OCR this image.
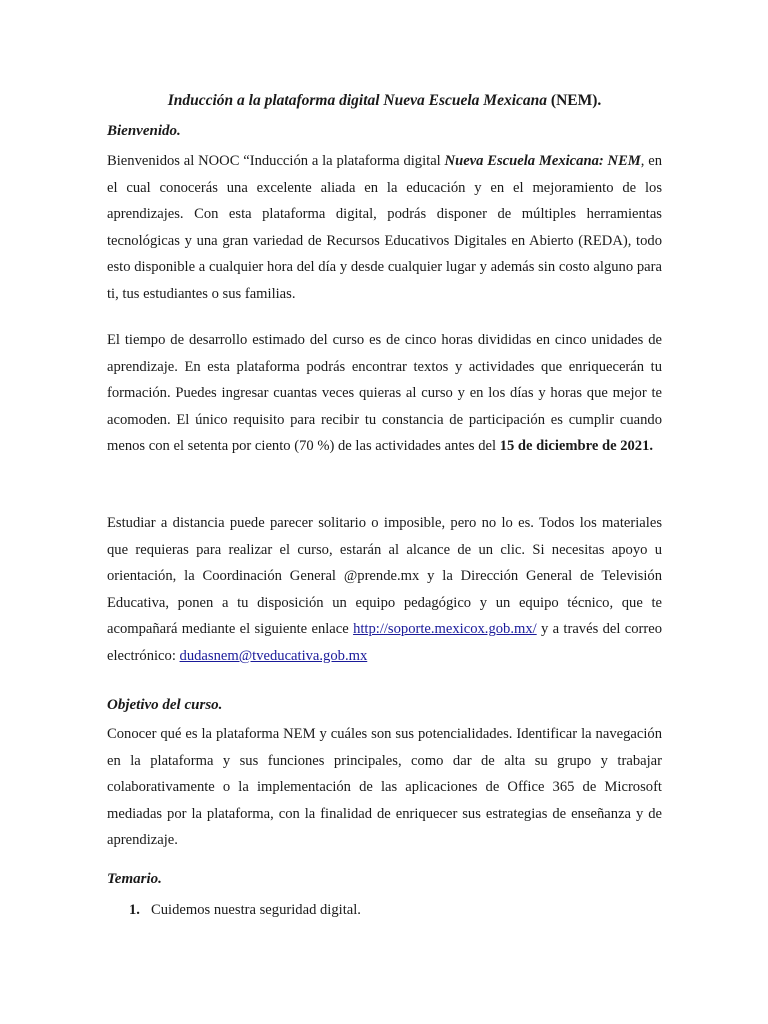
Inducción a la plataforma digital Nueva Escuela Mexicana (NEM).
Bienvenido.
Bienvenidos al NOOC “Inducción a la plataforma digital Nueva Escuela Mexicana: NEM, en el cual conocerás una excelente aliada en la educación y en el mejoramiento de los aprendizajes. Con esta plataforma digital, podrás disponer de múltiples herramientas tecnológicas y una gran variedad de Recursos Educativos Digitales en Abierto (REDA), todo esto disponible a cualquier hora del día y desde cualquier lugar y además sin costo alguno para ti, tus estudiantes o sus familias.
El tiempo de desarrollo estimado del curso es de cinco horas divididas en cinco unidades de aprendizaje. En esta plataforma podrás encontrar textos y actividades que enriquecerán tu formación. Puedes ingresar cuantas veces quieras al curso y en los días y horas que mejor te acomoden. El único requisito para recibir tu constancia de participación es cumplir cuando menos con el setenta por ciento (70 %) de las actividades antes del 15 de diciembre de 2021.
Estudiar a distancia puede parecer solitario o imposible, pero no lo es. Todos los materiales que requieras para realizar el curso, estarán al alcance de un clic. Si necesitas apoyo u orientación, la Coordinación General @prende.mx y la Dirección General de Televisión Educativa, ponen a tu disposición un equipo pedagógico y un equipo técnico, que te acompañará mediante el siguiente enlace http://soporte.mexicox.gob.mx/ y a través del correo electrónico: dudasnem@tveducativa.gob.mx
Objetivo del curso.
Conocer qué es la plataforma NEM y cuáles son sus potencialidades. Identificar la navegación en la plataforma y sus funciones principales, como dar de alta su grupo y trabajar colaborativamente o la implementación de las aplicaciones de Office 365 de Microsoft mediadas por la plataforma, con la finalidad de enriquecer sus estrategias de enseñanza y de aprendizaje.
Temario.
1. Cuidemos nuestra seguridad digital.
